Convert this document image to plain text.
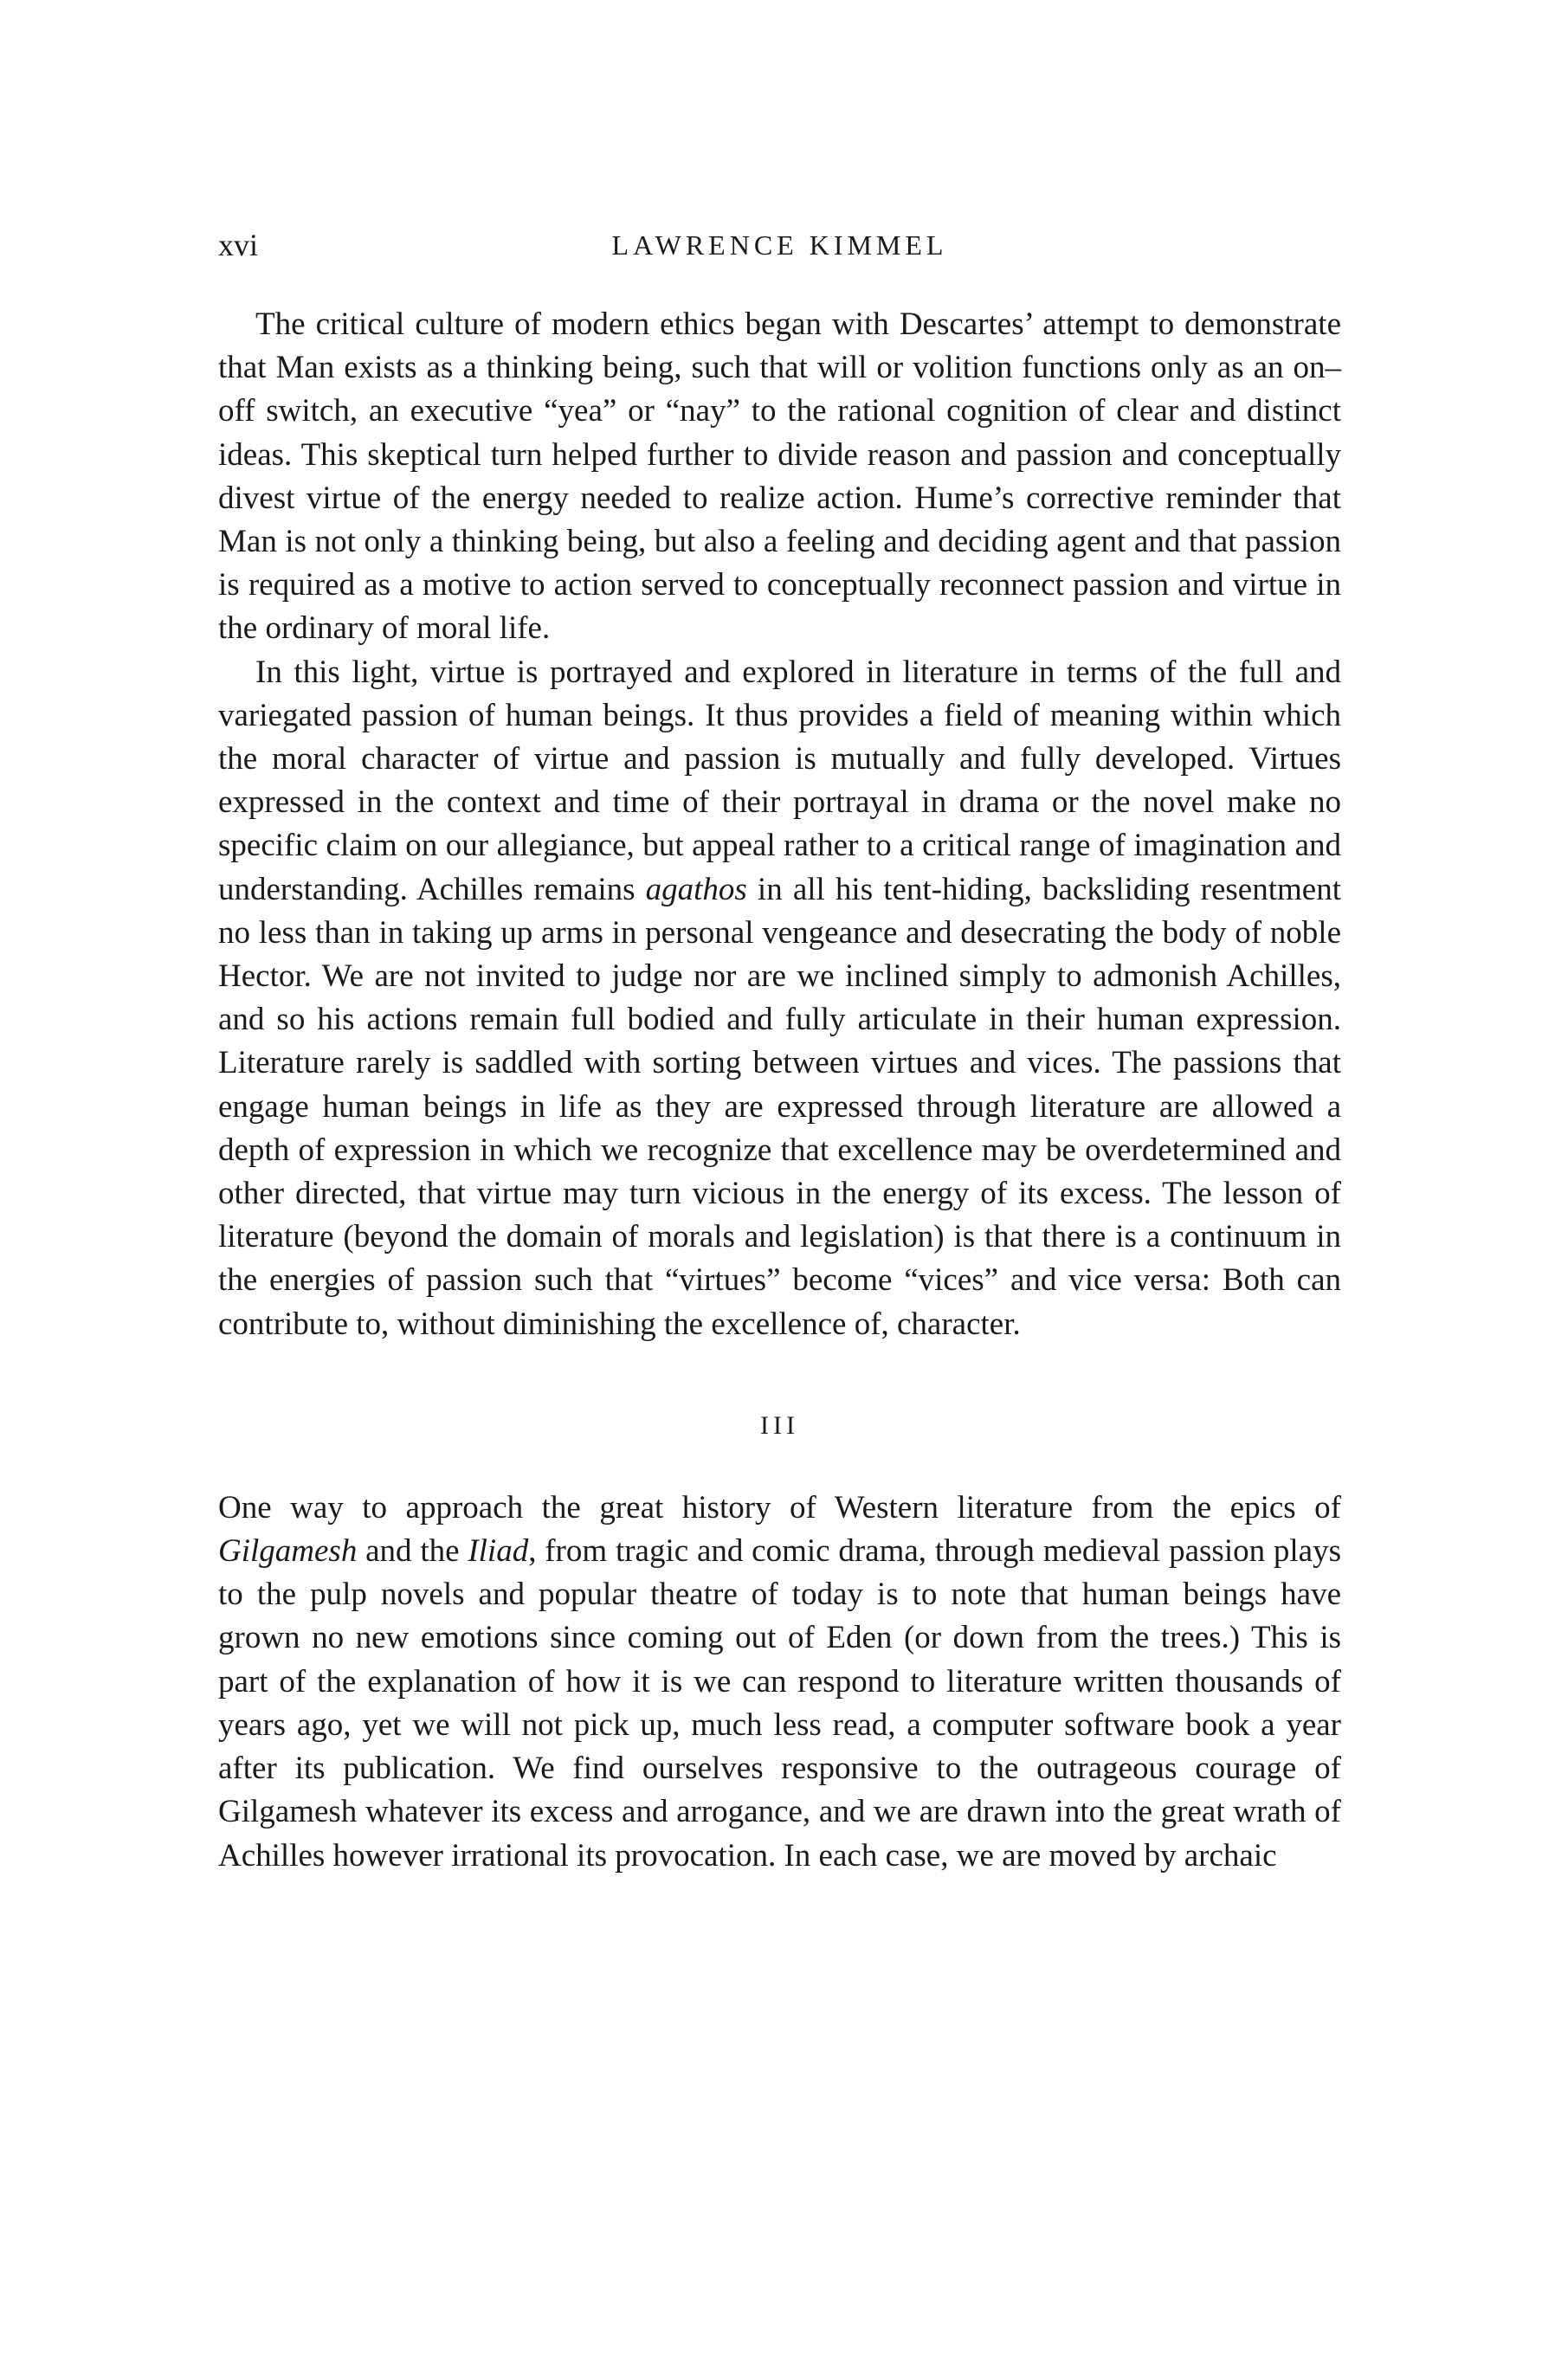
xvi	LAWRENCE KIMMEL

The critical culture of modern ethics began with Descartes’ attempt to demonstrate that Man exists as a thinking being, such that will or volition functions only as an on–off switch, an executive “yea” or “nay” to the rational cognition of clear and distinct ideas. This skeptical turn helped further to divide reason and passion and conceptually divest virtue of the energy needed to realize action. Hume’s corrective reminder that Man is not only a thinking being, but also a feeling and deciding agent and that passion is required as a motive to action served to conceptually reconnect passion and virtue in the ordinary of moral life.

In this light, virtue is portrayed and explored in literature in terms of the full and variegated passion of human beings. It thus provides a field of meaning within which the moral character of virtue and passion is mutually and fully developed. Virtues expressed in the context and time of their portrayal in drama or the novel make no specific claim on our allegiance, but appeal rather to a critical range of imagination and understanding. Achilles remains agathos in all his tent-hiding, backsliding resentment no less than in taking up arms in personal vengeance and desecrating the body of noble Hector. We are not invited to judge nor are we inclined simply to admonish Achilles, and so his actions remain full bodied and fully articulate in their human expression. Literature rarely is saddled with sorting between virtues and vices. The passions that engage human beings in life as they are expressed through literature are allowed a depth of expression in which we recognize that excellence may be overdetermined and other directed, that virtue may turn vicious in the energy of its excess. The lesson of literature (beyond the domain of morals and legislation) is that there is a continuum in the energies of passion such that “virtues” become “vices” and vice versa: Both can contribute to, without diminishing the excellence of, character.

III

One way to approach the great history of Western literature from the epics of Gilgamesh and the Iliad, from tragic and comic drama, through medieval passion plays to the pulp novels and popular theatre of today is to note that human beings have grown no new emotions since coming out of Eden (or down from the trees.) This is part of the explanation of how it is we can respond to literature written thousands of years ago, yet we will not pick up, much less read, a computer software book a year after its publication. We find ourselves responsive to the outrageous courage of Gilgamesh whatever its excess and arrogance, and we are drawn into the great wrath of Achilles however irrational its provocation. In each case, we are moved by archaic
